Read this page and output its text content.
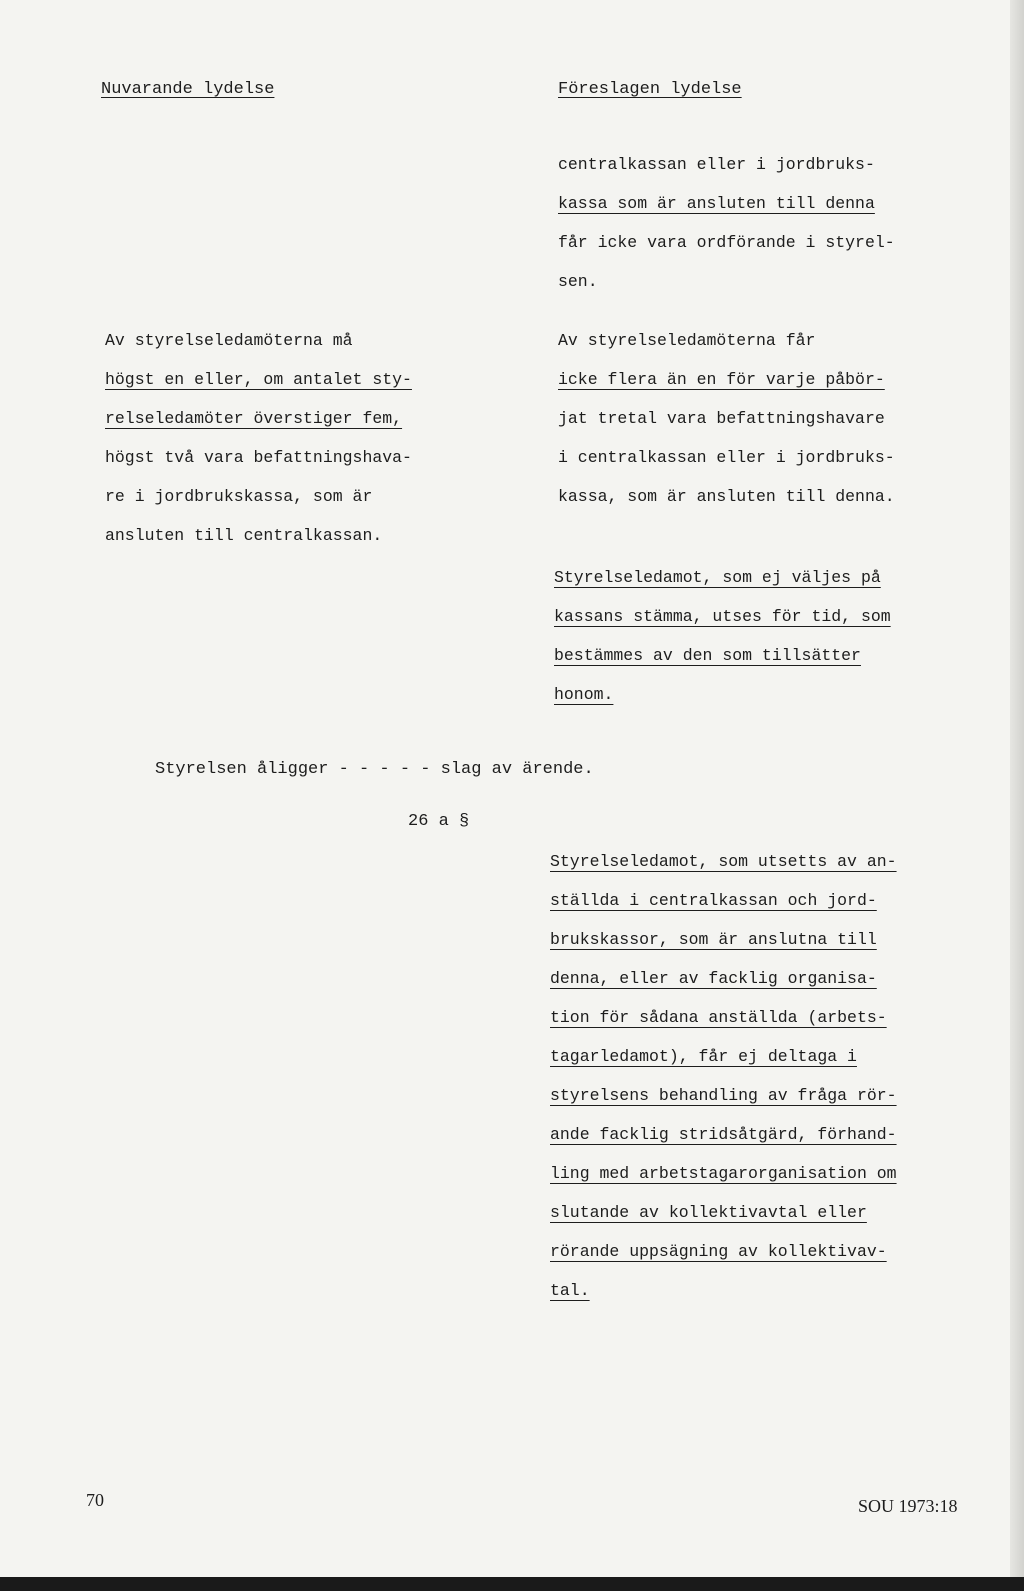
Nuvarande lydelse	Föreslagen lydelse
centralkassan eller i jordbruks-
kassa som är ansluten till denna
får icke vara ordförande i styrel-
sen.
Av styrelseledamöterna må
högst en eller, om antalet sty-
relseledamöter överstiger fem,
högst två vara befattningshava-
re i jordbrukskassa, som är
ansluten till centralkassan.
Av styrelseledamöterna får
icke flera än en för varje påbör-
jat tretal vara befattningshavare
i centralkassan eller i jordbruks-
kassa, som är ansluten till denna.
Styrelseledamot, som ej väljes på
kassans stämma, utses för tid, som
bestämmes av den som tillsätter
honom.
Styrelsen åligger - - - - - slag av ärende.
26 a §
Styrelseledamot, som utsetts av an-
ställda i centralkassan och jord-
brukskassor, som är anslutna till
denna, eller av facklig organisa-
tion för sådana anställda (arbets-
tagarledamot), får ej deltaga i
styrelsens behandling av fråga rör-
ande facklig stridsåtgärd, förhand-
ling med arbetstagarorganisation om
slutande av kollektivavtal eller
rörande uppsägning av kollektivav-
tal.
70	SOU 1973:18
